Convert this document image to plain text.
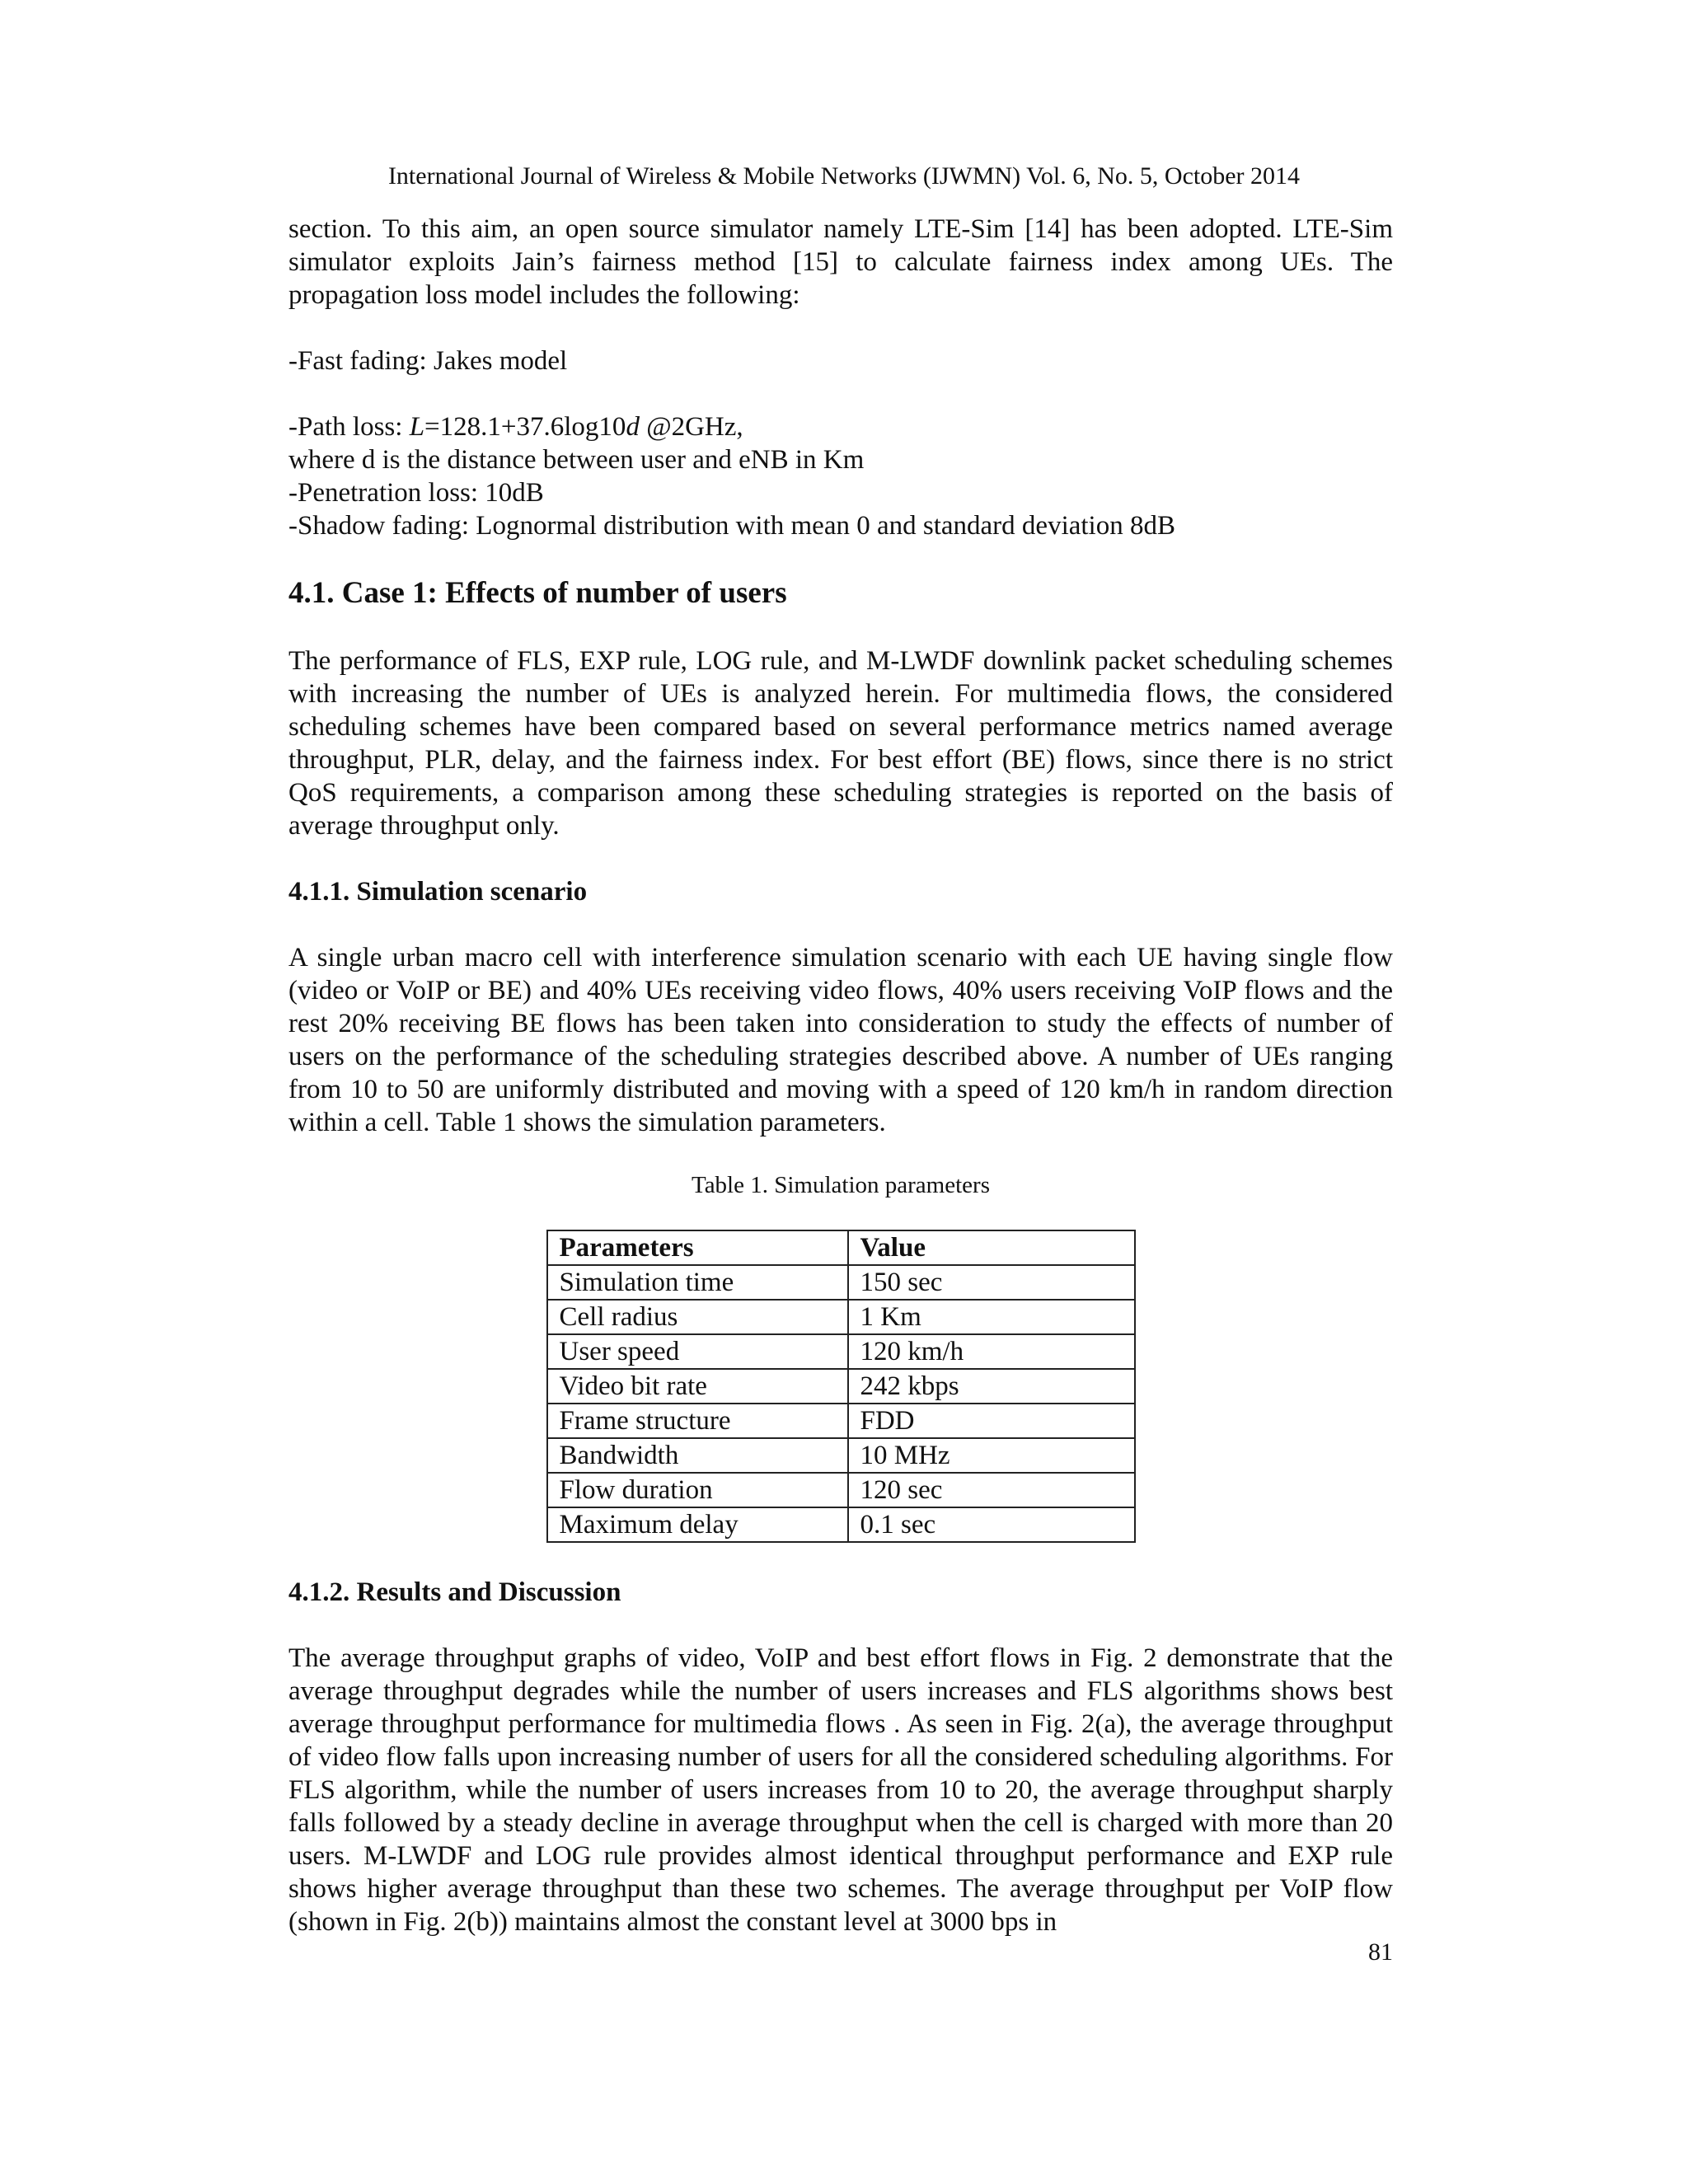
International Journal of Wireless & Mobile Networks (IJWMN) Vol. 6, No. 5, October 2014

section. To this aim, an open source simulator namely LTE-Sim [14] has been adopted. LTE-Sim simulator exploits Jain’s fairness method [15] to calculate fairness index among UEs. The propagation loss model includes the following:

-Fast fading: Jakes model

-Path loss: L=128.1+37.6log10d @2GHz,

where d is the distance between user and eNB in Km

-Penetration loss: 10dB

-Shadow fading: Lognormal distribution with mean 0 and standard deviation 8dB

4.1. Case 1: Effects of number of users

The performance of FLS, EXP rule, LOG rule, and M-LWDF downlink packet scheduling schemes with increasing the number of UEs is analyzed herein. For multimedia flows, the considered scheduling schemes have been compared based on several performance metrics named average throughput, PLR, delay, and the fairness index. For best effort (BE) flows, since there is no strict QoS requirements, a comparison among these scheduling strategies is reported on the basis of average throughput only.

4.1.1. Simulation scenario

A single urban macro cell with interference simulation scenario with each UE having single flow (video or VoIP or BE) and 40% UEs receiving video flows, 40% users receiving VoIP flows and the rest 20% receiving BE flows has been taken into consideration to study the effects of number of users on the performance of the scheduling strategies described above. A number of UEs ranging from 10 to 50 are uniformly distributed and moving with a speed of 120 km/h in random direction within a cell. Table 1 shows the simulation parameters.

Table 1. Simulation parameters
Parameters	Value
Simulation time	150 sec
Cell radius	1 Km
User speed	120 km/h
Video bit rate	242 kbps
Frame structure	FDD
Bandwidth	10 MHz
Flow duration	120 sec
Maximum delay	0.1 sec
4.1.2. Results and Discussion

The average throughput graphs of video, VoIP and best effort flows in Fig. 2 demonstrate that the average throughput degrades while the number of users increases and FLS algorithms shows best average throughput performance for multimedia flows . As seen in Fig. 2(a), the average throughput of video flow falls upon increasing number of users for all the considered scheduling algorithms. For FLS algorithm, while the number of users increases from 10 to 20, the average throughput sharply falls followed by a steady decline in average throughput when the cell is charged with more than 20 users. M-LWDF and LOG rule provides almost identical throughput performance and EXP rule shows higher average throughput than these two schemes. The average throughput per VoIP flow (shown in Fig. 2(b)) maintains almost the constant level at 3000 bps in

81
